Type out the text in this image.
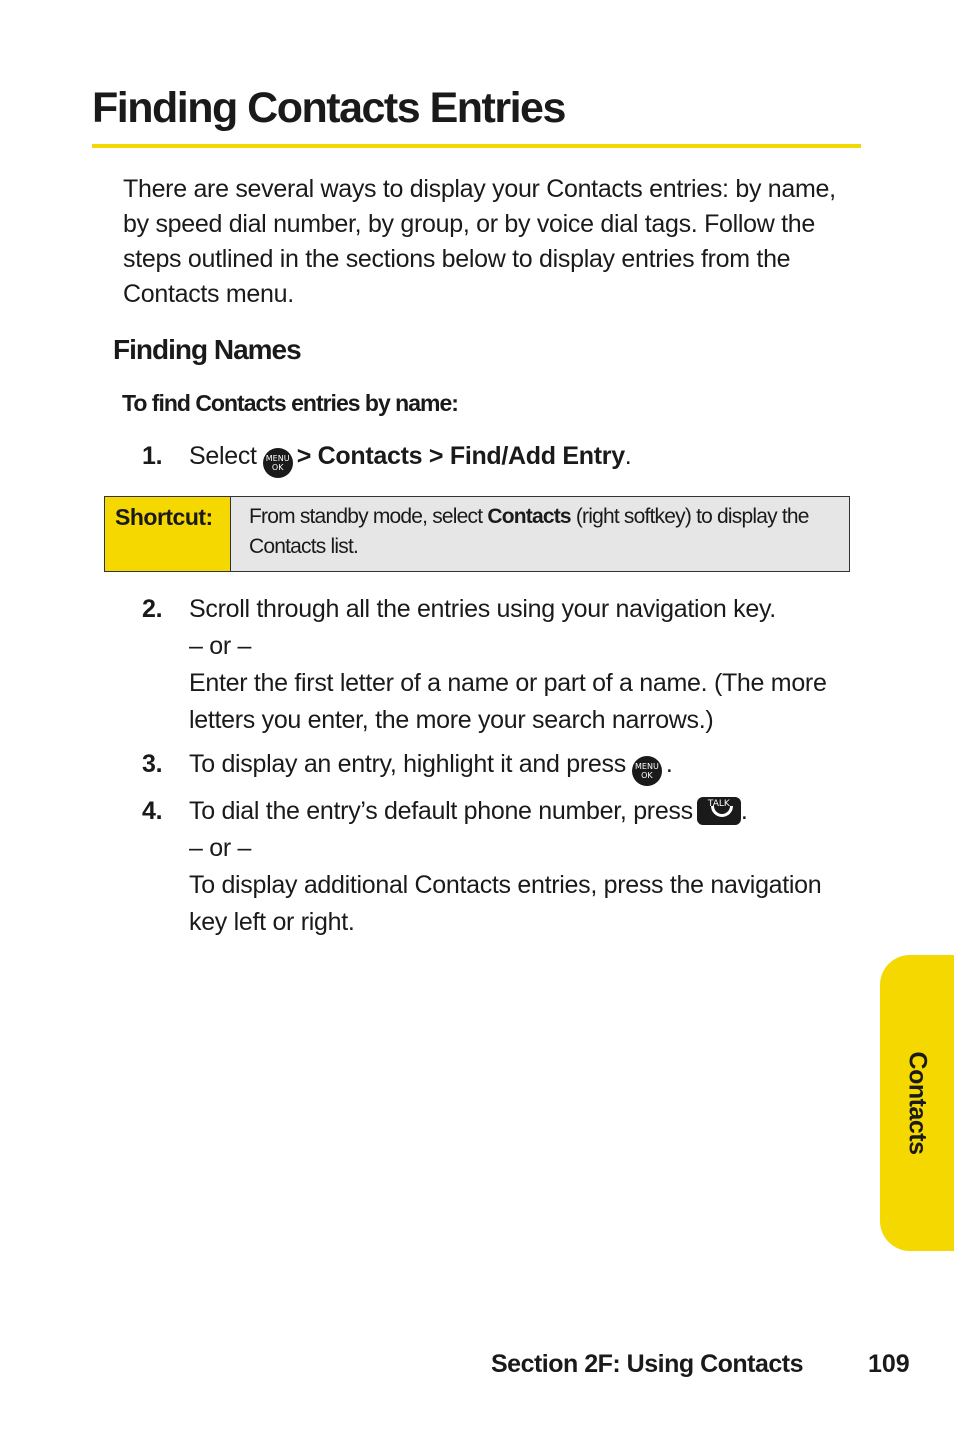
Finding Contacts Entries

There are several ways to display your Contacts entries: by name, by speed dial number, by group, or by voice dial tags. Follow the steps outlined in the sections below to display entries from the Contacts menu.

Finding Names
To find Contacts entries by name:
1.	Select MENU
OK > Contacts > Find/Add Entry.

Shortcut:	From standby mode, select Contacts (right softkey) to display the Contacts list.
2.	Scroll through all the entries using your navigation key.

– or –

Enter the first letter of a name or part of a name. (The more letters you enter, the more your search narrows.)

3.	To display an entry, highlight it and press MENU
OK .

4.	To dial the entry’s default phone number, press	TALK .

– or –

To display additional Contacts entries, press the navigation key left or right.

Contacts
Section 2F: Using Contacts	109
